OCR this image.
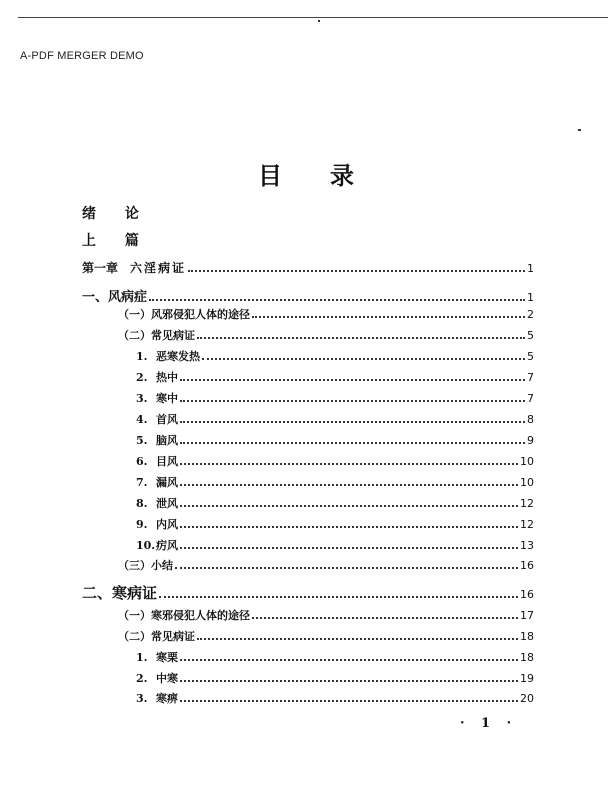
A-PDF MERGER DEMO
目录
绪 论
上 篇
第一章 六淫病证	1
一、 风病症	1
（一） 风邪侵犯人体的途径	2
（二） 常见病证	5
1. 恶寒发热	5
2. 热中	7
3. 寒中	7
4. 首风	8
5. 脑风	9
6. 目风	10
7. 漏风	10
8. 泄风	12
9. 内风	12
10. 疠风	13
（三） 小结	16
二、 寒病证	16
（一） 寒邪侵犯人体的途径	17
（二） 常见病证	18
1. 寒栗	18
2. 中寒	19
3. 寒痹	20
· 1 ·
